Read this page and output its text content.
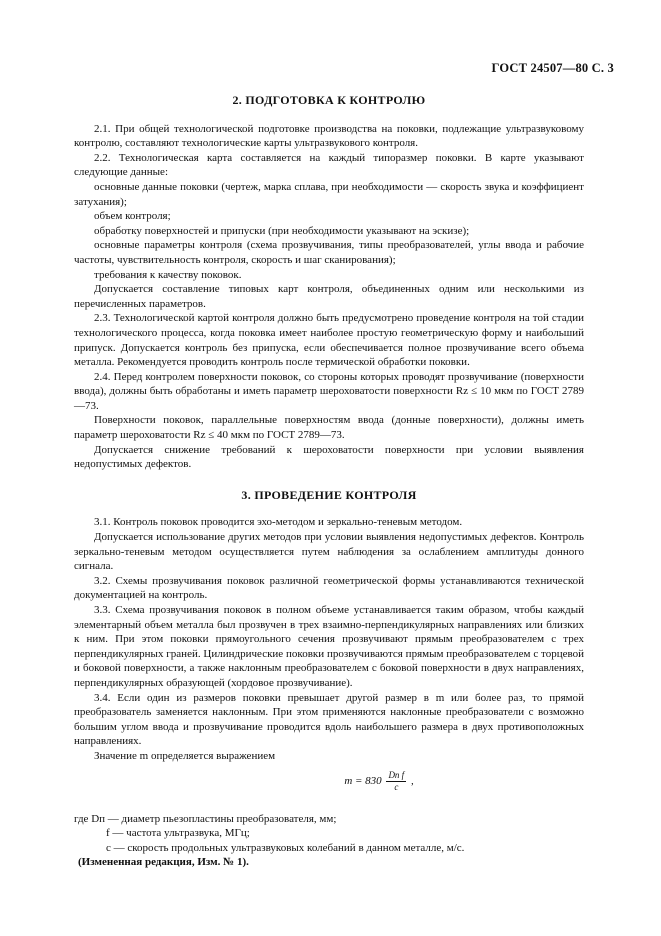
ГОСТ 24507—80 С. 3
2. ПОДГОТОВКА К КОНТРОЛЮ

2.1. При общей технологической подготовке производства на поковки, подлежащие ультразвуковому контролю, составляют технологические карты ультразвукового контроля.

2.2. Технологическая карта составляется на каждый типоразмер поковки. В карте указывают следующие данные:

основные данные поковки (чертеж, марка сплава, при необходимости — скорость звука и коэффициент затухания);

объем контроля;

обработку поверхностей и припуски (при необходимости указывают на эскизе);

основные параметры контроля (схема прозвучивания, типы преобразователей, углы ввода и рабочие частоты, чувствительность контроля, скорость и шаг сканирования);

требования к качеству поковок.

Допускается составление типовых карт контроля, объединенных одним или несколькими из перечисленных параметров.

2.3. Технологической картой контроля должно быть предусмотрено проведение контроля на той стадии технологического процесса, когда поковка имеет наиболее простую геометрическую форму и наибольший припуск. Допускается контроль без припуска, если обеспечивается полное прозвучивание всего объема металла. Рекомендуется проводить контроль после термической обработки поковки.

2.4. Перед контролем поверхности поковок, со стороны которых проводят прозвучивание (поверхности ввода), должны быть обработаны и иметь параметр шероховатости поверхности Rz ≤ 10 мкм по ГОСТ 2789—73.

Поверхности поковок, параллельные поверхностям ввода (донные поверхности), должны иметь параметр шероховатости Rz ≤ 40 мкм по ГОСТ 2789—73.

Допускается снижение требований к шероховатости поверхности при условии выявления недопустимых дефектов.

3. ПРОВЕДЕНИЕ КОНТРОЛЯ

3.1. Контроль поковок проводится эхо-методом и зеркально-теневым методом.

Допускается использование других методов при условии выявления недопустимых дефектов. Контроль зеркально-теневым методом осуществляется путем наблюдения за ослаблением амплитуды донного сигнала.

3.2. Схемы прозвучивания поковок различной геометрической формы устанавливаются технической документацией на контроль.

3.3. Схема прозвучивания поковок в полном объеме устанавливается таким образом, чтобы каждый элементарный объем металла был прозвучен в трех взаимно-перпендикулярных направлениях или близких к ним. При этом поковки прямоугольного сечения прозвучивают прямым преобразователем с трех перпендикулярных граней. Цилиндрические поковки прозвучиваются прямым преобразователем с торцевой и боковой поверхности, а также наклонным преобразователем с боковой поверхности в двух направлениях, перпендикулярных образующей (хордовое прозвучивание).

3.4. Если один из размеров поковки превышает другой размер в m или более раз, то прямой преобразователь заменяется наклонным. При этом применяются наклонные преобразователи с возможно большим углом ввода и прозвучивание проводится вдоль наибольшего размера в двух противоположных направлениях.

Значение m определяется выражением

$m = 830 \frac{\text{Dп f}}{c}$ ,

где Dп — диаметр пьезопластины преобразователя, мм;

f — частота ультразвука, МГц;

c — скорость продольных ультразвуковых колебаний в данном металле, м/с.

(Измененная редакция, Изм. № 1).
